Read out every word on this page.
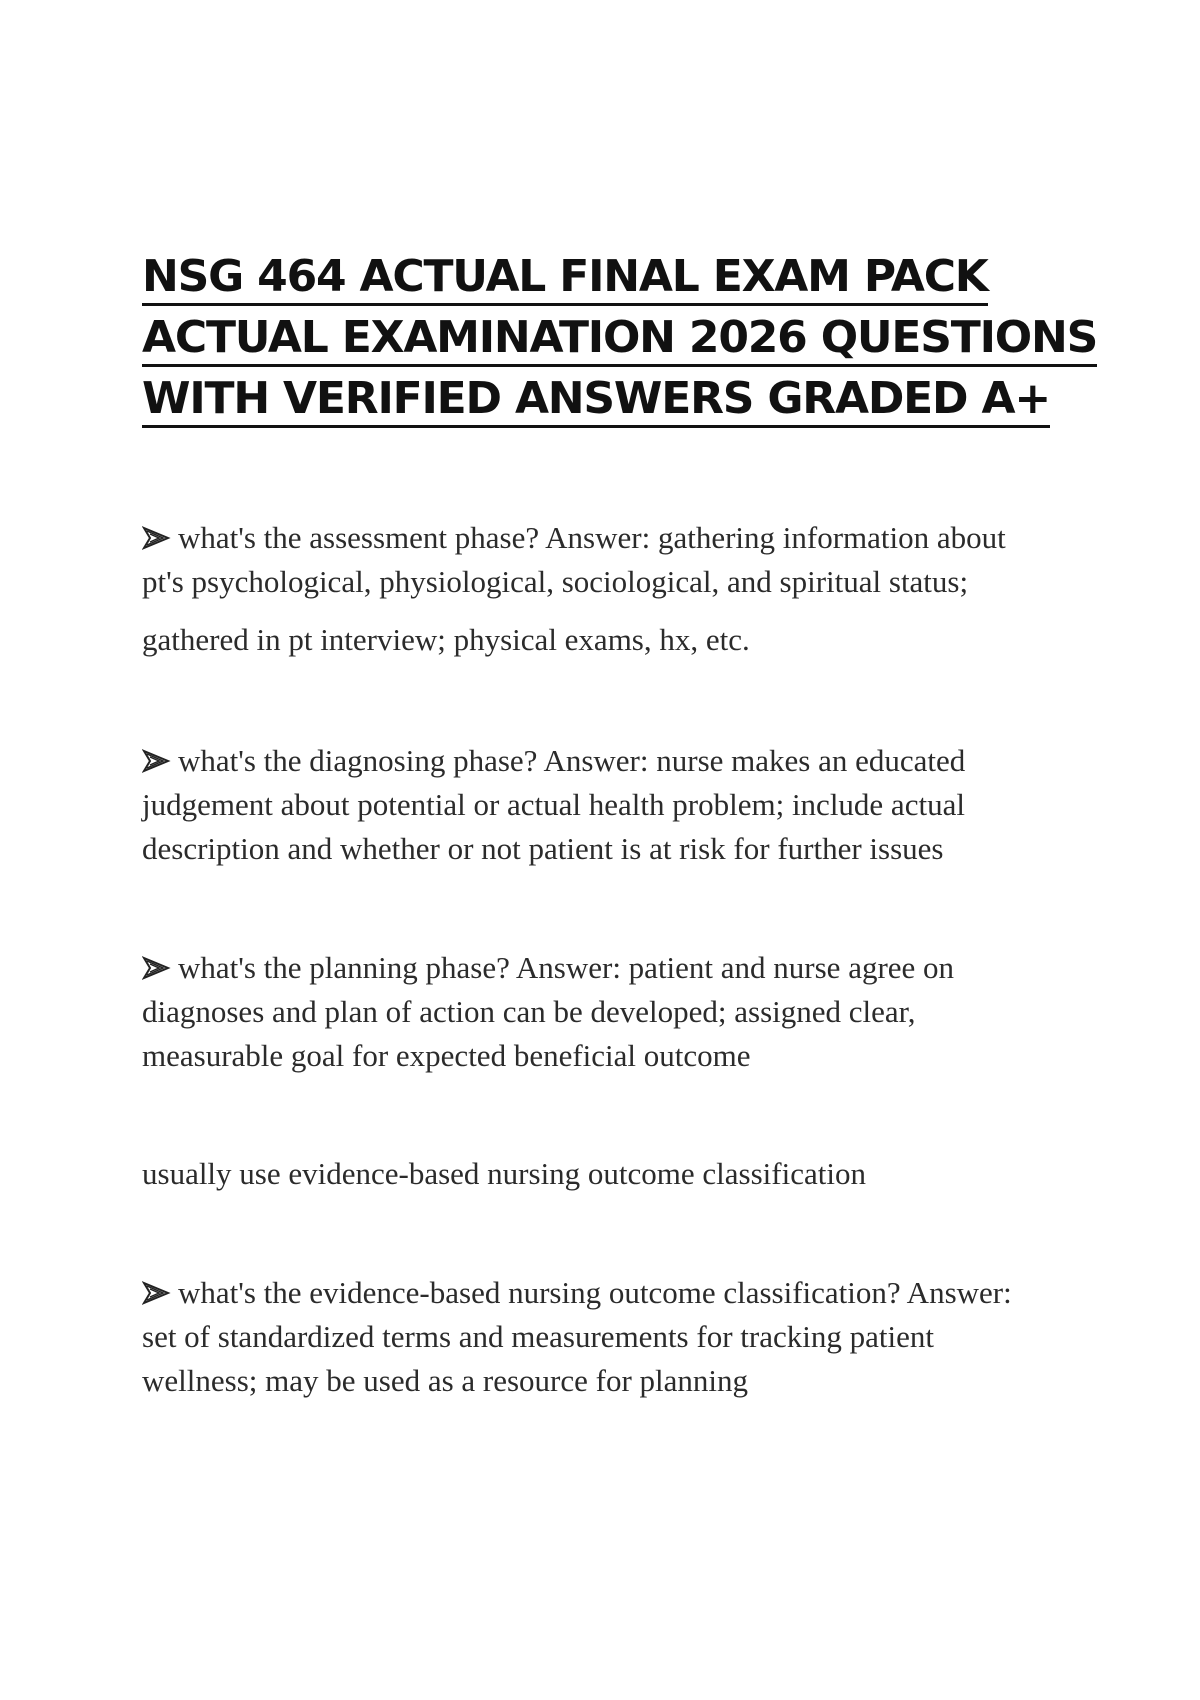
NSG 464 ACTUAL FINAL EXAM PACK
ACTUAL EXAMINATION 2026 QUESTIONS
WITH VERIFIED ANSWERS GRADED A+

what's the assessment phase? Answer: gathering information about pt's psychological, physiological, sociological, and spiritual status;

gathered in pt interview; physical exams, hx, etc.

what's the diagnosing phase? Answer: nurse makes an educated judgement about potential or actual health problem; include actual description and whether or not patient is at risk for further issues

what's the planning phase? Answer: patient and nurse agree on diagnoses and plan of action can be developed; assigned clear, measurable goal for expected beneficial outcome

usually use evidence-based nursing outcome classification

what's the evidence-based nursing outcome classification? Answer: set of standardized terms and measurements for tracking patient wellness; may be used as a resource for planning
